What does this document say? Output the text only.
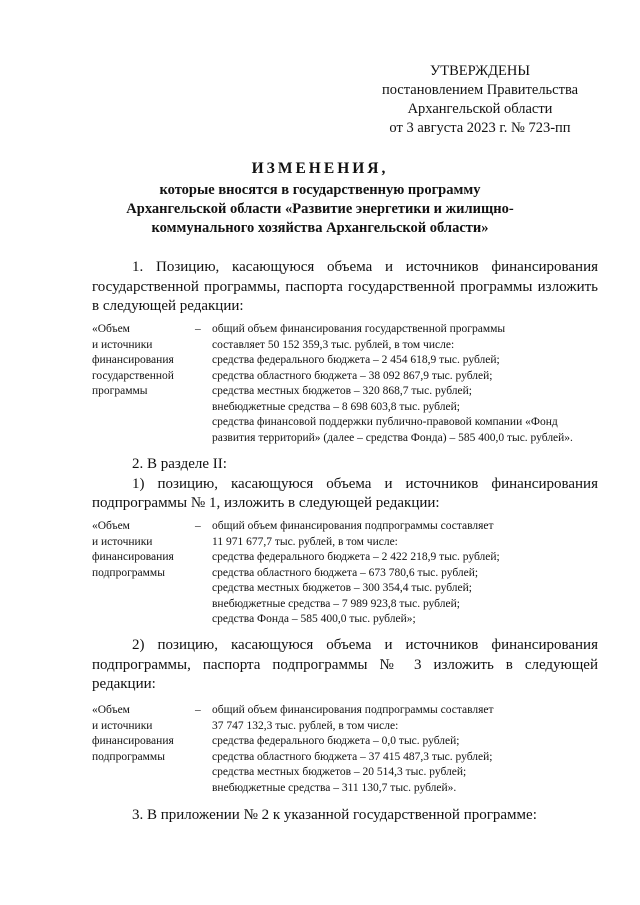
УТВЕРЖДЕНЫ
постановлением Правительства
Архангельской области
от 3 августа 2023 г. № 723-пп
ИЗМЕНЕНИЯ,
которые вносятся в государственную программу
Архангельской области «Развитие энергетики и жилищно-
коммунального хозяйства Архангельской области»
1. Позицию, касающуюся объема и источников финансирования
государственной программы, паспорта государственной программы изложить
в следующей редакции:
«Объем
и источники
финансирования
государственной
программы
– общий объем финансирования государственной программы
составляет 50 152 359,3 тыс. рублей, в том числе:
средства федерального бюджета – 2 454 618,9 тыс. рублей;
средства областного бюджета – 38 092 867,9 тыс. рублей;
средства местных бюджетов – 320 868,7 тыс. рублей;
внебюджетные средства – 8 698 603,8 тыс. рублей;
средства финансовой поддержки публично-правовой компании «Фонд
развития территорий» (далее – средства Фонда) – 585 400,0 тыс. рублей».
2. В разделе II:
1) позицию, касающуюся объема и источников финансирования
подпрограммы № 1, изложить в следующей редакции:
«Объем
и источники
финансирования
подпрограммы
– общий объем финансирования подпрограммы составляет
11 971 677,7 тыс. рублей, в том числе:
средства федерального бюджета – 2 422 218,9 тыс. рублей;
средства областного бюджета – 673 780,6 тыс. рублей;
средства местных бюджетов – 300 354,4 тыс. рублей;
внебюджетные средства – 7 989 923,8 тыс. рублей;
средства Фонда – 585 400,0 тыс. рублей»;
2) позицию, касающуюся объема и источников финансирования
подпрограммы, паспорта подпрограммы № 3 изложить в следующей
редакции:
«Объем
и источники
финансирования
подпрограммы
– общий объем финансирования подпрограммы составляет
37 747 132,3 тыс. рублей, в том числе:
средства федерального бюджета – 0,0 тыс. рублей;
средства областного бюджета – 37 415 487,3 тыс. рублей;
средства местных бюджетов – 20 514,3 тыс. рублей;
внебюджетные средства – 311 130,7 тыс. рублей».
3. В приложении № 2 к указанной государственной программе:
